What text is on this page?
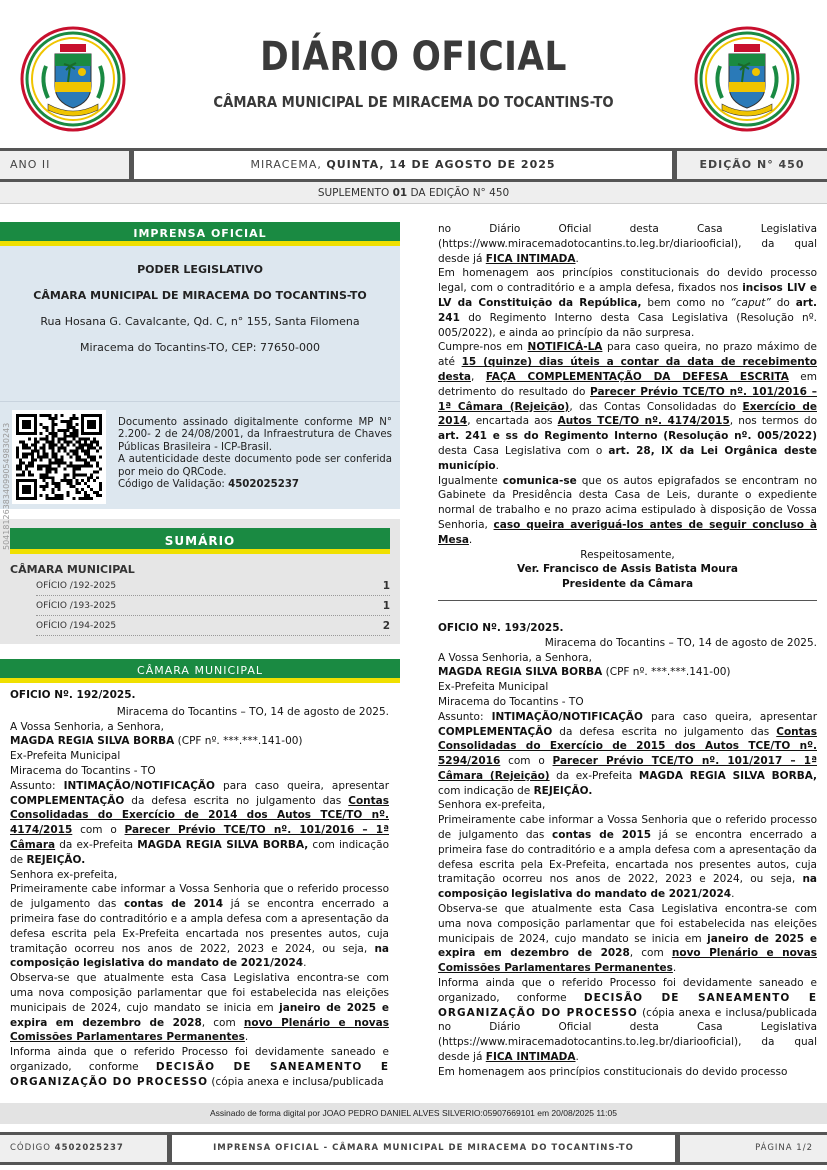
DIÁRIO OFICIAL
CÂMARA MUNICIPAL DE MIRACEMA DO TOCANTINS-TO
ANO II	MIRACEMA, QUINTA, 14 DE AGOSTO DE 2025	EDIÇÃO N° 450
SUPLEMENTO 01 DA EDIÇÃO N° 450
IMPRENSA OFICIAL

PODER LEGISLATIVO

CÂMARA MUNICIPAL DE MIRACEMA DO TOCANTINS-TO

Rua Hosana G. Cavalcante, Qd. C, n° 155, Santa Filomena

Miracema do Tocantins-TO, CEP: 77650-000

Documento assinado digitalmente conforme MP N° 2.200- 2 de 24/08/2001, da Infraestrutura de Chaves Públicas Brasileira - ICP-Brasil.
A autenticidade deste documento pode ser conferida por meio do QRCode.
Código de Validação: 4502025237
SUMÁRIO
CÂMARA MUNICIPAL
OFÍCIO /192-2025	1
OFÍCIO /193-2025	1
OFÍCIO /194-2025	2
CÂMARA MUNICIPAL
5041812638340990549830243

OFICIO Nº. 192/2025.

Miracema do Tocantins – TO, 14 de agosto de 2025.

A Vossa Senhoria, a Senhora,

MAGDA REGIA SILVA BORBA (CPF nº. ***.***.141-00)

Ex-Prefeita Municipal

Miracema do Tocantins - TO

Assunto: INTIMAÇÃO/NOTIFICAÇÃO para caso queira, apresentar COMPLEMENTAÇÃO da defesa escrita no julgamento das Contas Consolidadas do Exercício de 2014 dos Autos TCE/TO nº. 4174/2015 com o Parecer Prévio TCE/TO nº. 101/2016 – 1ª Câmara da ex-Prefeita MAGDA REGIA SILVA BORBA, com indicação de REJEIÇÃO.

Senhora ex-prefeita,

Primeiramente cabe informar a Vossa Senhoria que o referido processo de julgamento das contas de 2014 já se encontra encerrado a primeira fase do contraditório e a ampla defesa com a apresentação da defesa escrita pela Ex-Prefeita encartada nos presentes autos, cuja tramitação ocorreu nos anos de 2022, 2023 e 2024, ou seja, na composição legislativa do mandato de 2021/2024.

Observa-se que atualmente esta Casa Legislativa encontra-se com uma nova composição parlamentar que foi estabelecida nas eleições municipais de 2024, cujo mandato se inicia em janeiro de 2025 e expira em dezembro de 2028, com novo Plenário e novas Comissões Parlamentares Permanentes.

Informa ainda que o referido Processo foi devidamente saneado e organizado, conforme DECISÃO DE SANEAMENTO E ORGANIZAÇÃO DO PROCESSO (cópia anexa e inclusa/publicada

no Diário Oficial desta Casa Legislativa (https://www.miracemadotocantins.to.leg.br/diariooficial), da qual desde já FICA INTIMADA.

Em homenagem aos princípios constitucionais do devido processo legal, com o contraditório e a ampla defesa, fixados nos incisos LIV e LV da Constituição da República, bem como no “caput” do art. 241 do Regimento Interno desta Casa Legislativa (Resolução nº. 005/2022), e ainda ao princípio da não surpresa.

Cumpre-nos em NOTIFICÁ-LA para caso queira, no prazo máximo de até 15 (quinze) dias úteis a contar da data de recebimento desta, FAÇA COMPLEMENTAÇÃO DA DEFESA ESCRITA em detrimento do resultado do Parecer Prévio TCE/TO nº. 101/2016 – 1ª Câmara (Rejeição), das Contas Consolidadas do Exercício de 2014, encartada aos Autos TCE/TO nº. 4174/2015, nos termos do art. 241 e ss do Regimento Interno (Resolução nº. 005/2022) desta Casa Legislativa com o art. 28, IX da Lei Orgânica deste município.

Igualmente comunica-se que os autos epigrafados se encontram no Gabinete da Presidência desta Casa de Leis, durante o expediente normal de trabalho e no prazo acima estipulado à disposição de Vossa Senhoria, caso queira averiguá-los antes de seguir concluso à Mesa.

Respeitosamente,

Ver. Francisco de Assis Batista Moura

Presidente da Câmara

OFICIO Nº. 193/2025.

Miracema do Tocantins – TO, 14 de agosto de 2025.

A Vossa Senhoria, a Senhora,

MAGDA REGIA SILVA BORBA (CPF nº. ***.***.141-00)

Ex-Prefeita Municipal

Miracema do Tocantins - TO

Assunto: INTIMAÇÃO/NOTIFICAÇÃO para caso queira, apresentar COMPLEMENTAÇÃO da defesa escrita no julgamento das Contas Consolidadas do Exercício de 2015 dos Autos TCE/TO nº. 5294/2016 com o Parecer Prévio TCE/TO nº. 101/2017 – 1ª Câmara (Rejeição) da ex-Prefeita MAGDA REGIA SILVA BORBA, com indicação de REJEIÇÃO.

Senhora ex-prefeita,

Primeiramente cabe informar a Vossa Senhoria que o referido processo de julgamento das contas de 2015 já se encontra encerrado a primeira fase do contraditório e a ampla defesa com a apresentação da defesa escrita pela Ex-Prefeita, encartada nos presentes autos, cuja tramitação ocorreu nos anos de 2022, 2023 e 2024, ou seja, na composição legislativa do mandato de 2021/2024.

Observa-se que atualmente esta Casa Legislativa encontra-se com uma nova composição parlamentar que foi estabelecida nas eleições municipais de 2024, cujo mandato se inicia em janeiro de 2025 e expira em dezembro de 2028, com novo Plenário e novas Comissões Parlamentares Permanentes.

Informa ainda que o referido Processo foi devidamente saneado e organizado, conforme DECISÃO DE SANEAMENTO E ORGANIZAÇÃO DO PROCESSO (cópia anexa e inclusa/publicada no Diário Oficial desta Casa Legislativa (https://www.miracemadotocantins.to.leg.br/diariooficial), da qual desde já FICA INTIMADA.

Em homenagem aos princípios constitucionais do devido processo

Assinado de forma digital por JOAO PEDRO DANIEL ALVES SILVERIO:05907669101 em 20/08/2025 11:05
CÓDIGO 4502025237	IMPRENSA OFICIAL - CÂMARA MUNICIPAL DE MIRACEMA DO TOCANTINS-TO	PÁGINA 1/2
